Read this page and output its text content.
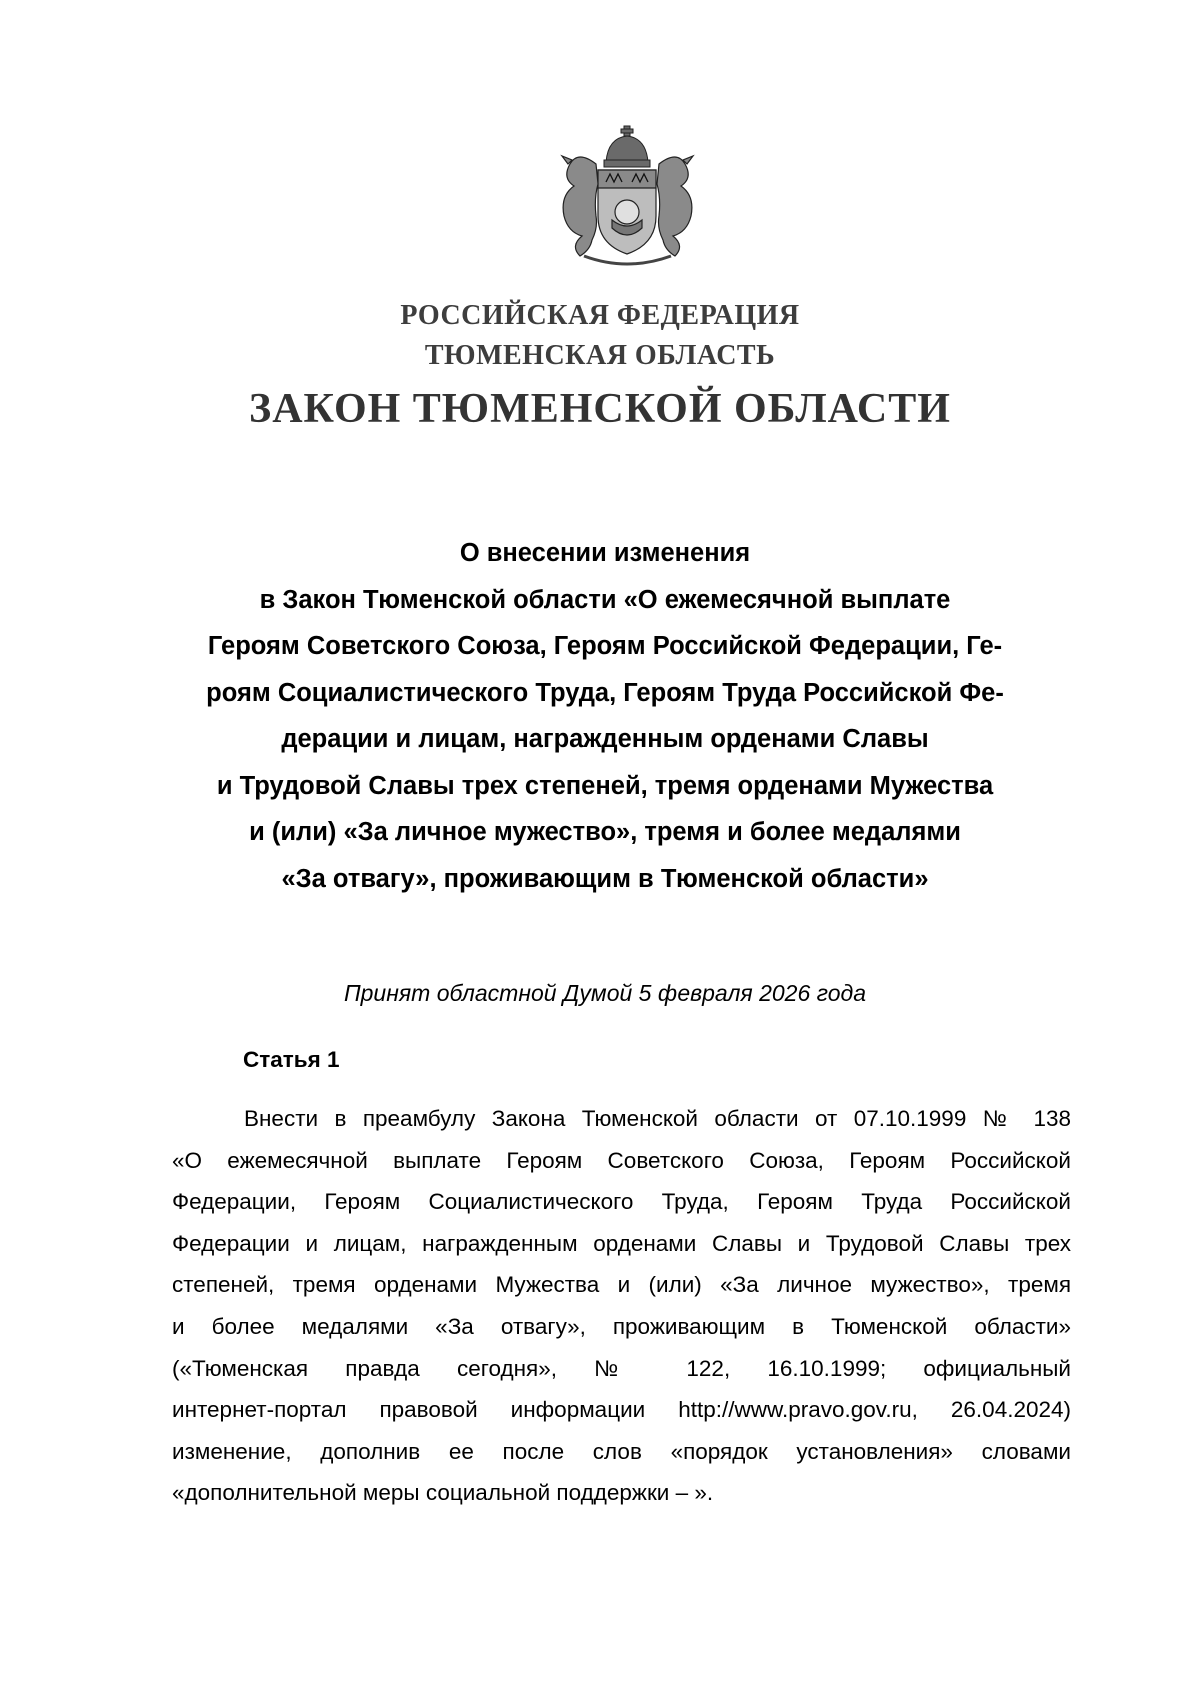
РОССИЙСКАЯ ФЕДЕРАЦИЯ
ТЮМЕНСКАЯ ОБЛАСТЬ
ЗАКОН ТЮМЕНСКОЙ ОБЛАСТИ
О внесении изменения
в Закон Тюменской области «О ежемесячной выплате
Героям Советского Союза, Героям Российской Федерации, Ге-
роям Социалистического Труда, Героям Труда Российской Фе-
дерации и лицам, награжденным орденами Славы
и Трудовой Славы трех степеней, тремя орденами Мужества
и (или) «За личное мужество», тремя и более медалями
«За отвагу», проживающим в Тюменской области»
Принят областной Думой 5 февраля 2026 года
Статья 1
Внести в преамбулу Закона Тюменской области от 07.10.1999 № 138
«О ежемесячной выплате Героям Советского Союза, Героям Российской
Федерации, Героям Социалистического Труда, Героям Труда Российской
Федерации и лицам, награжденным орденами Славы и Трудовой Славы трех
степеней, тремя орденами Мужества и (или) «За личное мужество», тремя
и более медалями «За отвагу», проживающим в Тюменской области»
(«Тюменская правда сегодня», № 122, 16.10.1999; официальный
интернет-портал правовой информации http://www.pravo.gov.ru, 26.04.2024)
изменение, дополнив ее после слов «порядок установления» словами
«дополнительной меры социальной поддержки – ».
